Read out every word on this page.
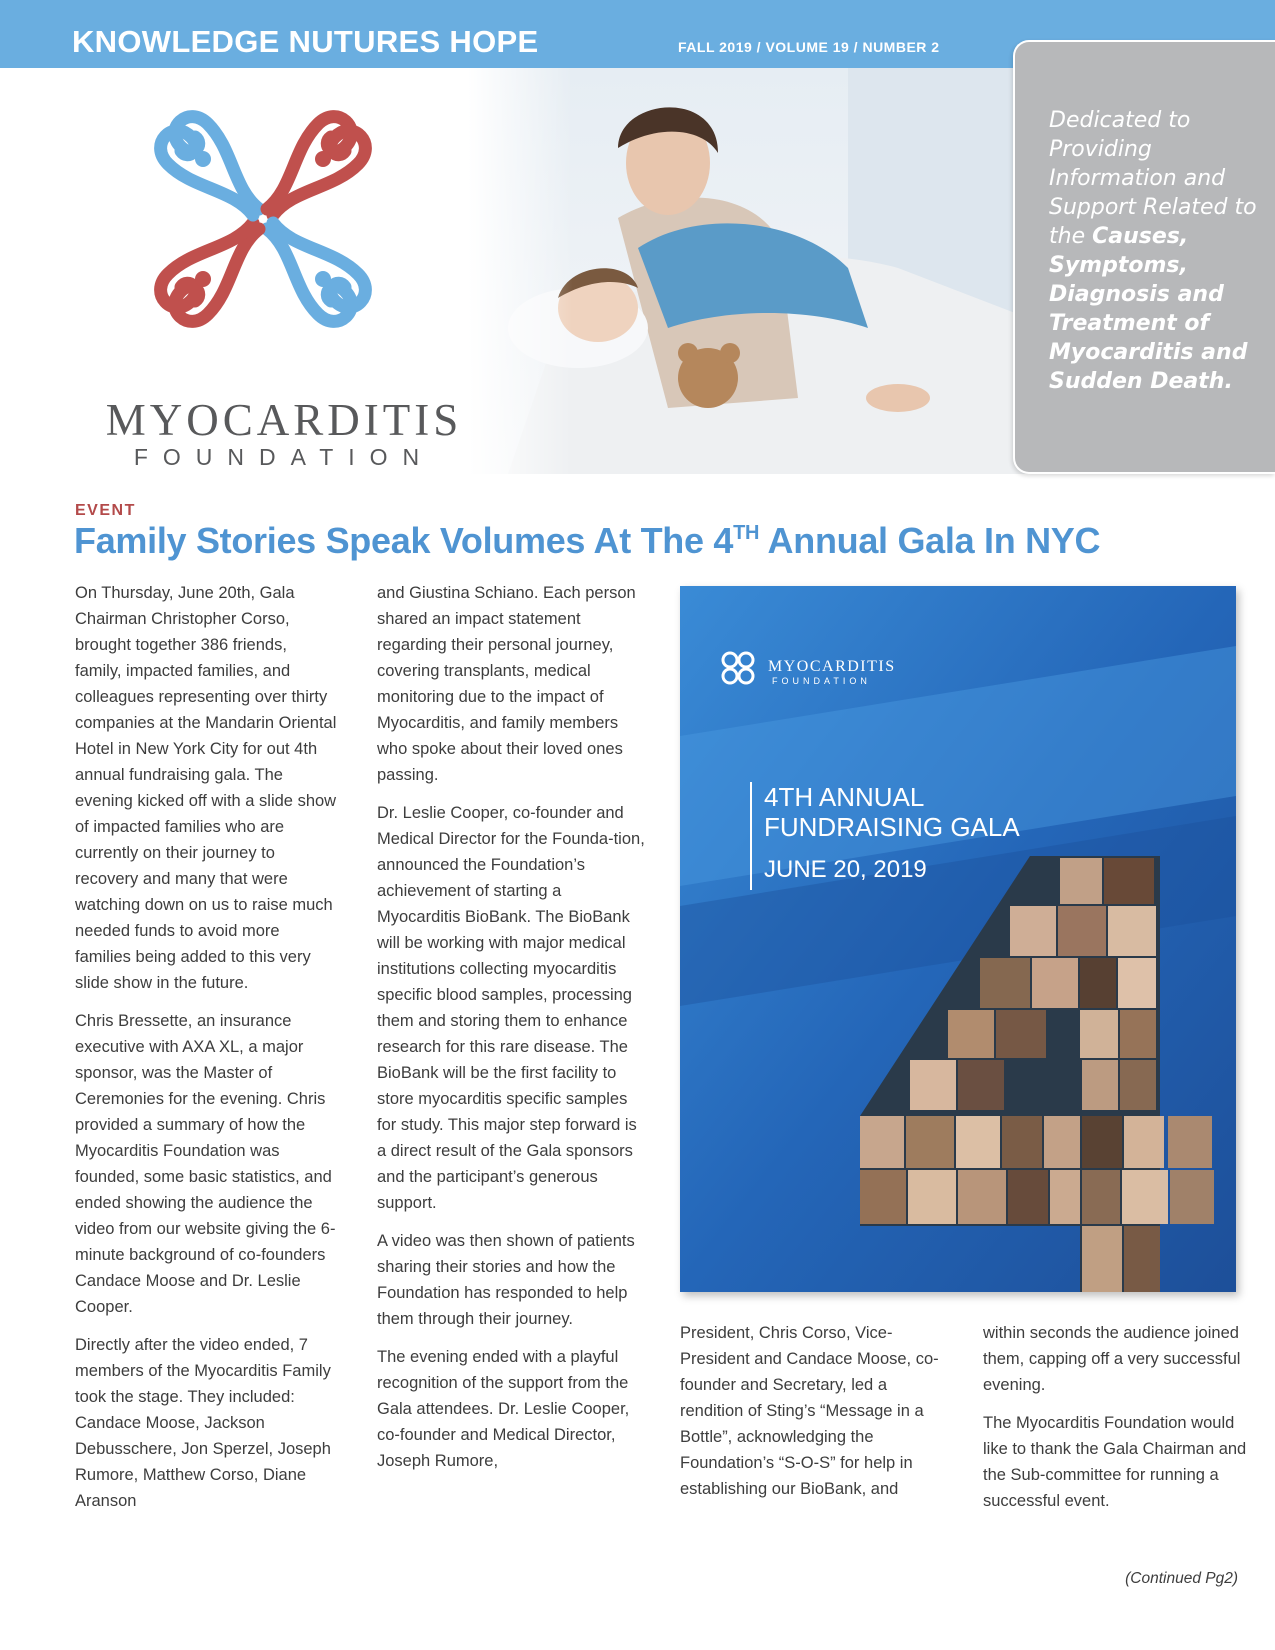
KNOWLEDGE NUTURES HOPE	FALL 2019 / VOLUME 19 / NUMBER 2
MYOCARDITIS
FOUNDATION
Dedicated to Providing Information and Support Related to the Causes, Symptoms, Diagnosis and Treatment of Myocarditis and Sudden Death.
EVENT
Family Stories Speak Volumes At The 4TH Annual Gala In NYC

On Thursday, June 20th, Gala Chairman Christopher Corso, brought together 386 friends, family, impacted families, and colleagues representing over thirty companies at the Mandarin Oriental Hotel in New York City for out 4th annual fundraising gala. The evening kicked off with a slide show of impacted families who are currently on their journey to recovery and many that were watching down on us to raise much needed funds to avoid more families being added to this very slide show in the future.

Chris Bressette, an insurance executive with AXA XL, a major sponsor, was the Master of Ceremonies for the evening. Chris provided a summary of how the Myocarditis Foundation was founded, some basic statistics, and ended showing the audience the video from our website giving the 6-minute background of co-founders Candace Moose and Dr. Leslie Cooper.

Directly after the video ended, 7 members of the Myocarditis Family took the stage. They included: Candace Moose, Jackson Debusschere, Jon Sperzel, Joseph Rumore, Matthew Corso, Diane Aranson

and Giustina Schiano. Each person shared an impact statement regarding their personal journey, covering transplants, medical monitoring due to the impact of Myocarditis, and family members who spoke about their loved ones passing.

Dr. Leslie Cooper, co-founder and Medical Director for the Founda-tion, announced the Foundation’s achievement of starting a Myocarditis BioBank. The BioBank will be working with major medical institutions collecting myocarditis specific blood samples, processing them and storing them to enhance research for this rare disease. The BioBank will be the first facility to store myocarditis specific samples for study. This major step forward is a direct result of the Gala sponsors and the participant’s generous support.

A video was then shown of patients sharing their stories and how the Foundation has responded to help them through their journey.

The evening ended with a playful recognition of the support from the Gala attendees. Dr. Leslie Cooper, co-founder and Medical Director, Joseph Rumore,

MYOCARDITIS
FOUNDATION
4TH ANNUAL
FUNDRAISING GALA
JUNE 20, 2019

President, Chris Corso, Vice-President and Candace Moose, co-founder and Secretary, led a rendition of Sting’s “Message in a Bottle”, acknowledging the Foundation’s “S-O-S” for help in establishing our BioBank, and

within seconds the audience joined them, capping off a very successful evening.

The Myocarditis Foundation would like to thank the Gala Chairman and the Sub-committee for running a successful event.

(Continued Pg2)
